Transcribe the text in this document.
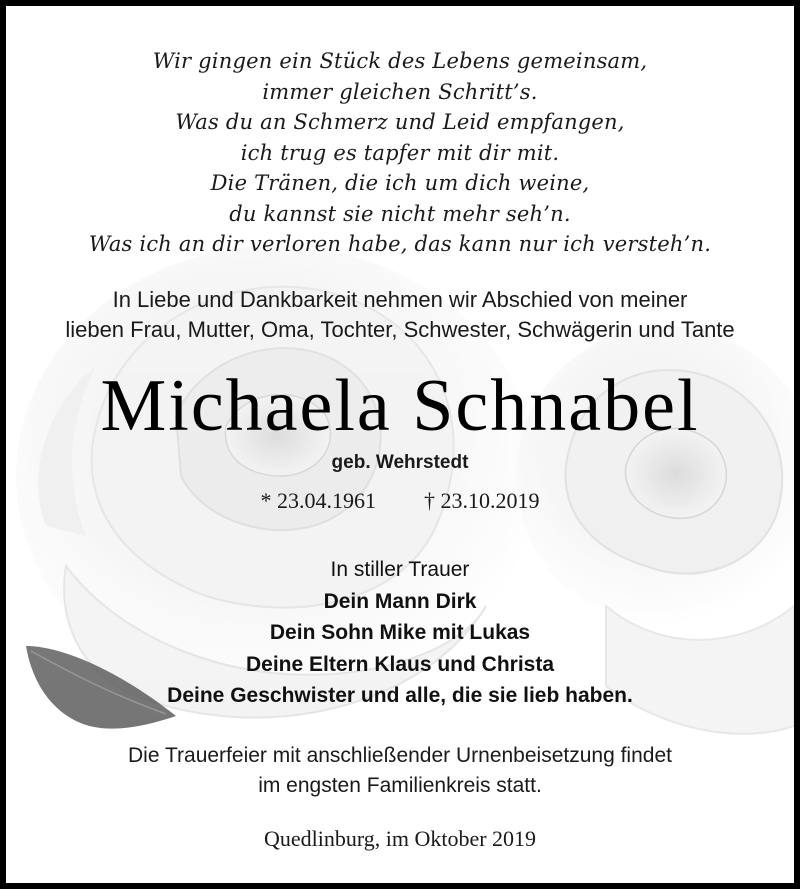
Wir gingen ein Stück des Lebens gemeinsam,
immer gleichen Schritt’s.
Was du an Schmerz und Leid empfangen,
ich trug es tapfer mit dir mit.
Die Tränen, die ich um dich weine,
du kannst sie nicht mehr seh’n.
Was ich an dir verloren habe, das kann nur ich versteh’n.
In Liebe und Dankbarkeit nehmen wir Abschied von meiner
lieben Frau, Mutter, Oma, Tochter, Schwester, Schwägerin und Tante
Michaela Schnabel
geb. Wehrstedt
* 23.04.1961 † 23.10.2019
In stiller Trauer
Dein Mann Dirk
Dein Sohn Mike mit Lukas
Deine Eltern Klaus und Christa
Deine Geschwister und alle, die sie lieb haben.
Die Trauerfeier mit anschließender Urnenbeisetzung findet
im engsten Familienkreis statt.
Quedlinburg, im Oktober 2019
